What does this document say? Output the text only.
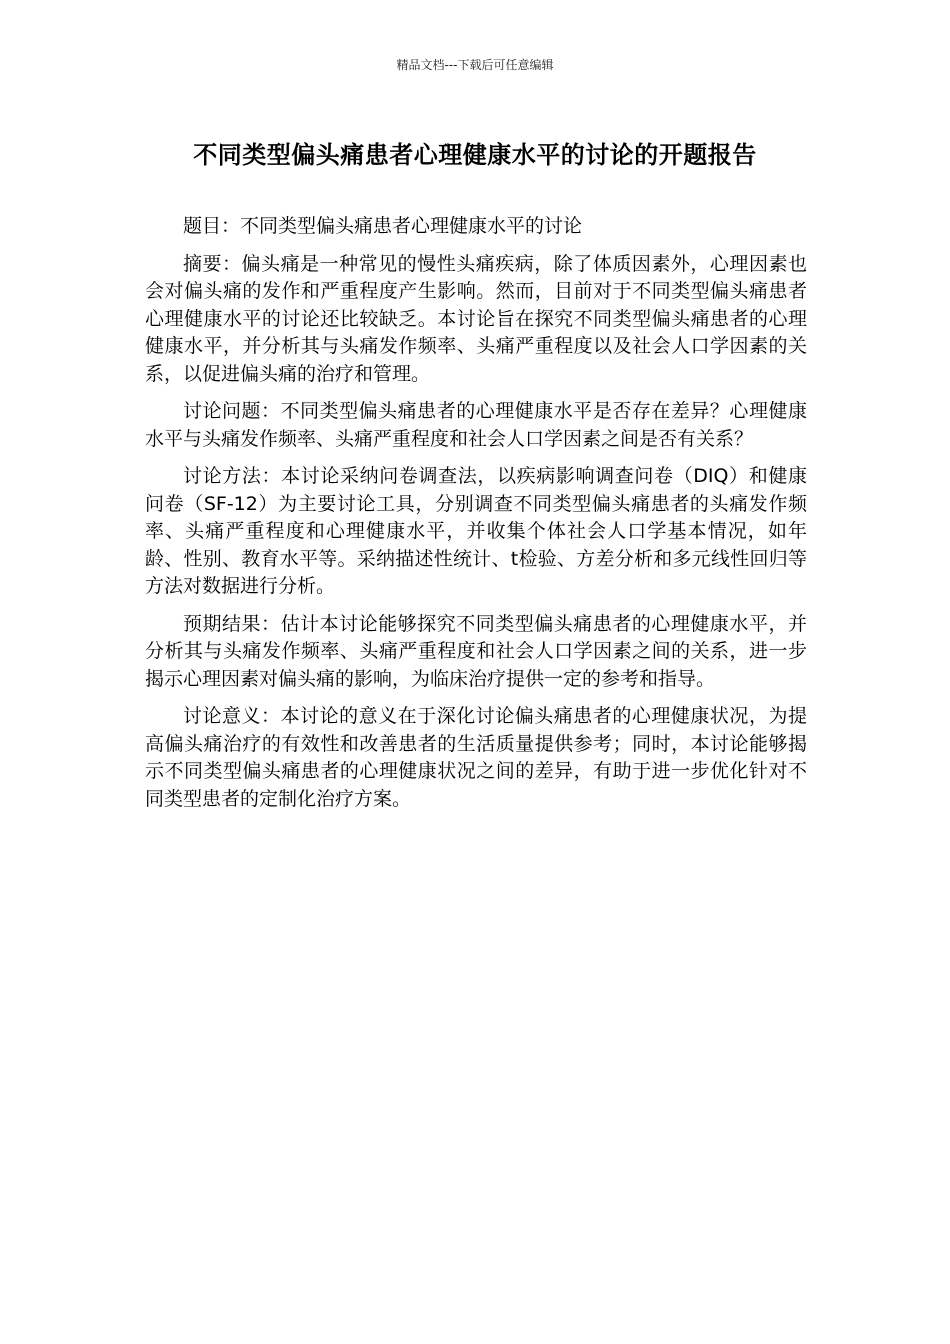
精品文档---下载后可任意编辑
不同类型偏头痛患者心理健康水平的讨论的开题报告

题目：不同类型偏头痛患者心理健康水平的讨论

摘要：偏头痛是一种常见的慢性头痛疾病，除了体质因素外，心理因素也会对偏头痛的发作和严重程度产生影响。然而，目前对于不同类型偏头痛患者心理健康水平的讨论还比较缺乏。本讨论旨在探究不同类型偏头痛患者的心理健康水平，并分析其与头痛发作频率、头痛严重程度以及社会人口学因素的关系，以促进偏头痛的治疗和管理。

讨论问题：不同类型偏头痛患者的心理健康水平是否存在差异？心理健康水平与头痛发作频率、头痛严重程度和社会人口学因素之间是否有关系？

讨论方法：本讨论采纳问卷调查法，以疾病影响调查问卷（DIQ）和健康问卷（SF-12）为主要讨论工具，分别调查不同类型偏头痛患者的头痛发作频率、头痛严重程度和心理健康水平，并收集个体社会人口学基本情况，如年龄、性别、教育水平等。采纳描述性统计、t检验、方差分析和多元线性回归等方法对数据进行分析。

预期结果：估计本讨论能够探究不同类型偏头痛患者的心理健康水平，并分析其与头痛发作频率、头痛严重程度和社会人口学因素之间的关系，进一步揭示心理因素对偏头痛的影响，为临床治疗提供一定的参考和指导。

讨论意义：本讨论的意义在于深化讨论偏头痛患者的心理健康状况，为提高偏头痛治疗的有效性和改善患者的生活质量提供参考；同时，本讨论能够揭示不同类型偏头痛患者的心理健康状况之间的差异，有助于进一步优化针对不同类型患者的定制化治疗方案。
